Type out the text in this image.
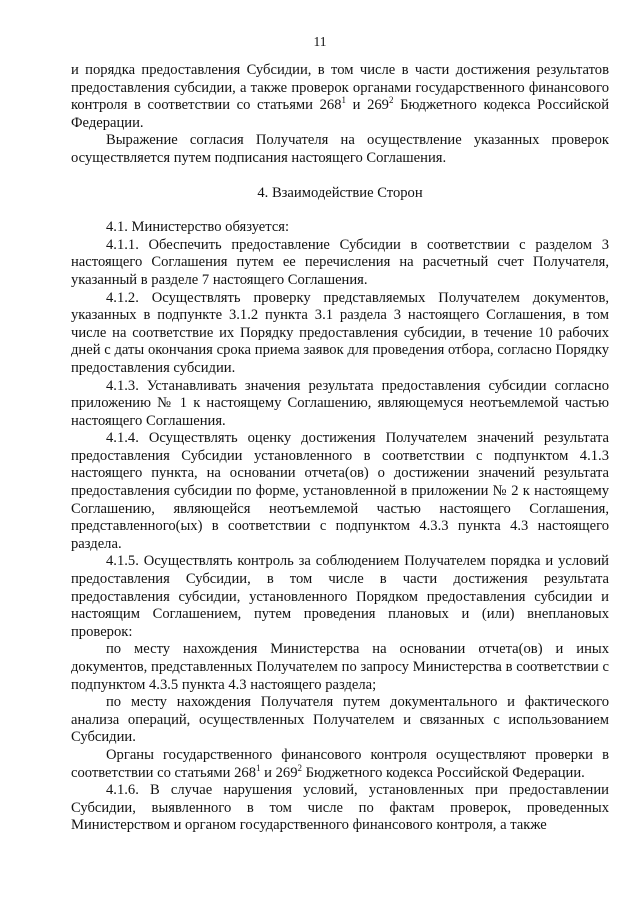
11

и порядка предоставления Субсидии, в том числе в части достижения результатов предоставления субсидии, а также проверок органами государственного финансового контроля в соответствии со статьями $268^1$ и $269^2$ Бюджетного кодекса Российской Федерации.

Выражение согласия Получателя на осуществление указанных проверок осуществляется путем подписания настоящего Соглашения.

4. Взаимодействие Сторон

4.1. Министерство обязуется:

4.1.1. Обеспечить предоставление Субсидии в соответствии с разделом 3 настоящего Соглашения путем ее перечисления на расчетный счет Получателя, указанный в разделе 7 настоящего Соглашения.

4.1.2. Осуществлять проверку представляемых Получателем документов, указанных в подпункте 3.1.2 пункта 3.1 раздела 3 настоящего Соглашения, в том числе на соответствие их Порядку предоставления субсидии, в течение 10 рабочих дней с даты окончания срока приема заявок для проведения отбора, согласно Порядку предоставления субсидии.

4.1.3. Устанавливать значения результата предоставления субсидии согласно приложению № 1 к настоящему Соглашению, являющемуся неотъемлемой частью настоящего Соглашения.

4.1.4. Осуществлять оценку достижения Получателем значений результата предоставления Субсидии установленного в соответствии с подпунктом 4.1.3 настоящего пункта, на основании отчета(ов) о достижении значений результата предоставления субсидии по форме, установленной в приложении № 2 к настоящему Соглашению, являющейся неотъемлемой частью настоящего Соглашения, представленного(ых) в соответствии с подпунктом 4.3.3 пункта 4.3 настоящего раздела.

4.1.5. Осуществлять контроль за соблюдением Получателем порядка и условий предоставления Субсидии, в том числе в части достижения результата предоставления субсидии, установленного Порядком предоставления субсидии и настоящим Соглашением, путем проведения плановых и (или) внеплановых проверок:

по месту нахождения Министерства на основании отчета(ов) и иных документов, представленных Получателем по запросу Министерства в соответствии с подпунктом 4.3.5 пункта 4.3 настоящего раздела;

по месту нахождения Получателя путем документального и фактического анализа операций, осуществленных Получателем и связанных с использованием Субсидии.

Органы государственного финансового контроля осуществляют проверки в соответствии со статьями $268^1$ и $269^2$ Бюджетного кодекса Российской Федерации.

4.1.6. В случае нарушения условий, установленных при предоставлении Субсидии, выявленного в том числе по фактам проверок, проведенных Министерством и органом государственного финансового контроля, а также
